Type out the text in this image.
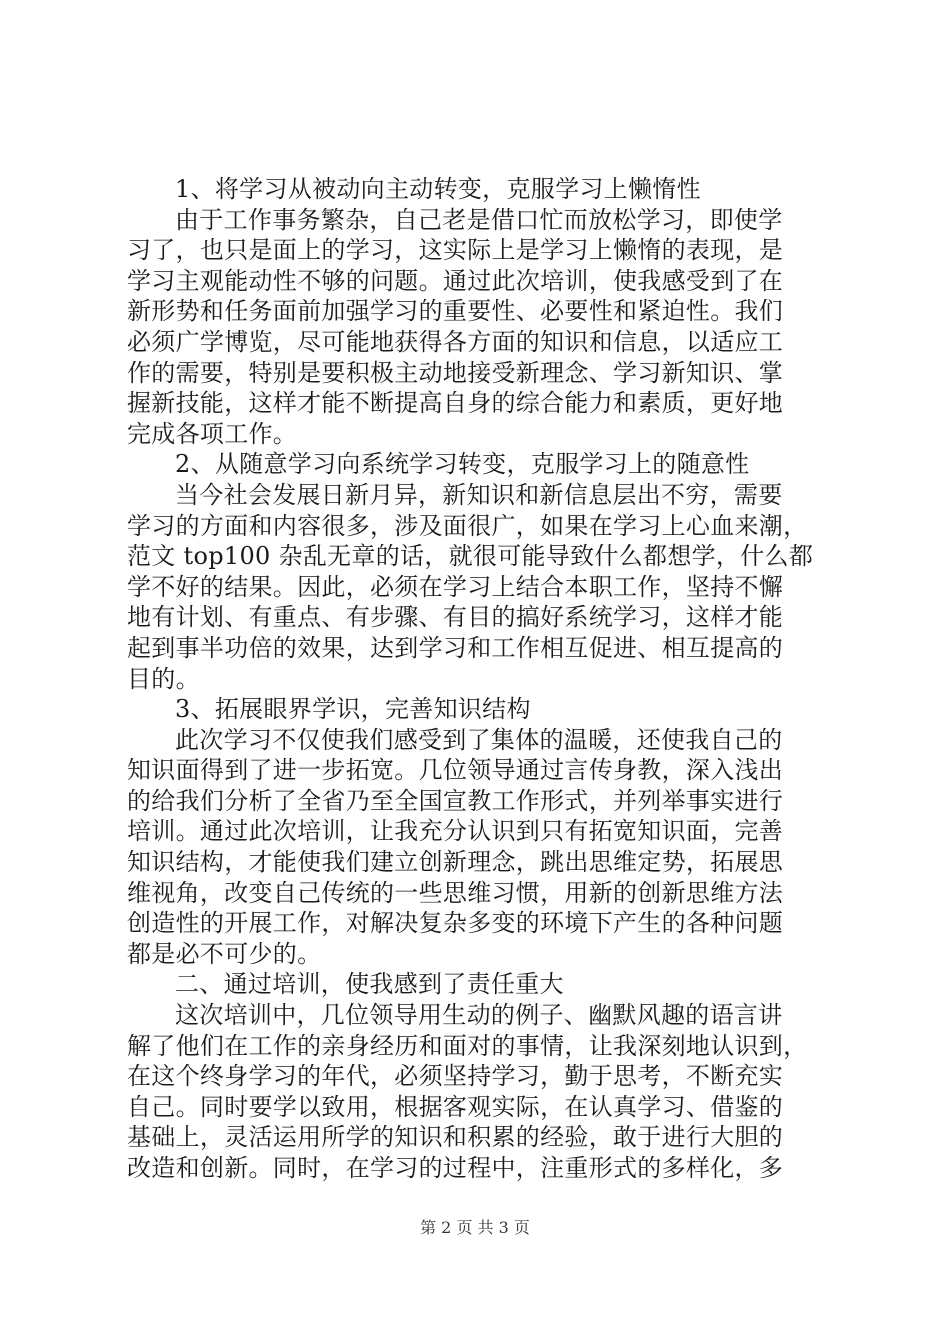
1、将学习从被动向主动转变，克服学习上懒惰性
由于工作事务繁杂，自己老是借口忙而放松学习，即使学
习了，也只是面上的学习，这实际上是学习上懒惰的表现，是
学习主观能动性不够的问题。通过此次培训，使我感受到了在
新形势和任务面前加强学习的重要性、必要性和紧迫性。我们
必须广学博览，尽可能地获得各方面的知识和信息，以适应工
作的需要，特别是要积极主动地接受新理念、学习新知识、掌
握新技能，这样才能不断提高自身的综合能力和素质，更好地
完成各项工作。
2、从随意学习向系统学习转变，克服学习上的随意性
当今社会发展日新月异，新知识和新信息层出不穷，需要
学习的方面和内容很多，涉及面很广，如果在学习上心血来潮，
范文 top100 杂乱无章的话，就很可能导致什么都想学，什么都
学不好的结果。因此，必须在学习上结合本职工作，坚持不懈
地有计划、有重点、有步骤、有目的搞好系统学习，这样才能
起到事半功倍的效果，达到学习和工作相互促进、相互提高的
目的。
3、拓展眼界学识，完善知识结构
此次学习不仅使我们感受到了集体的温暖，还使我自己的
知识面得到了进一步拓宽。几位领导通过言传身教，深入浅出
的给我们分析了全省乃至全国宣教工作形式，并列举事实进行
培训。通过此次培训，让我充分认识到只有拓宽知识面，完善
知识结构，才能使我们建立创新理念，跳出思维定势，拓展思
维视角，改变自己传统的一些思维习惯，用新的创新思维方法
创造性的开展工作，对解决复杂多变的环境下产生的各种问题
都是必不可少的。
二、通过培训，使我感到了责任重大
这次培训中，几位领导用生动的例子、幽默风趣的语言讲
解了他们在工作的亲身经历和面对的事情，让我深刻地认识到，
在这个终身学习的年代，必须坚持学习，勤于思考，不断充实
自己。同时要学以致用，根据客观实际，在认真学习、借鉴的
基础上，灵活运用所学的知识和积累的经验，敢于进行大胆的
改造和创新。同时，在学习的过程中，注重形式的多样化，多
第 2 页 共 3 页
